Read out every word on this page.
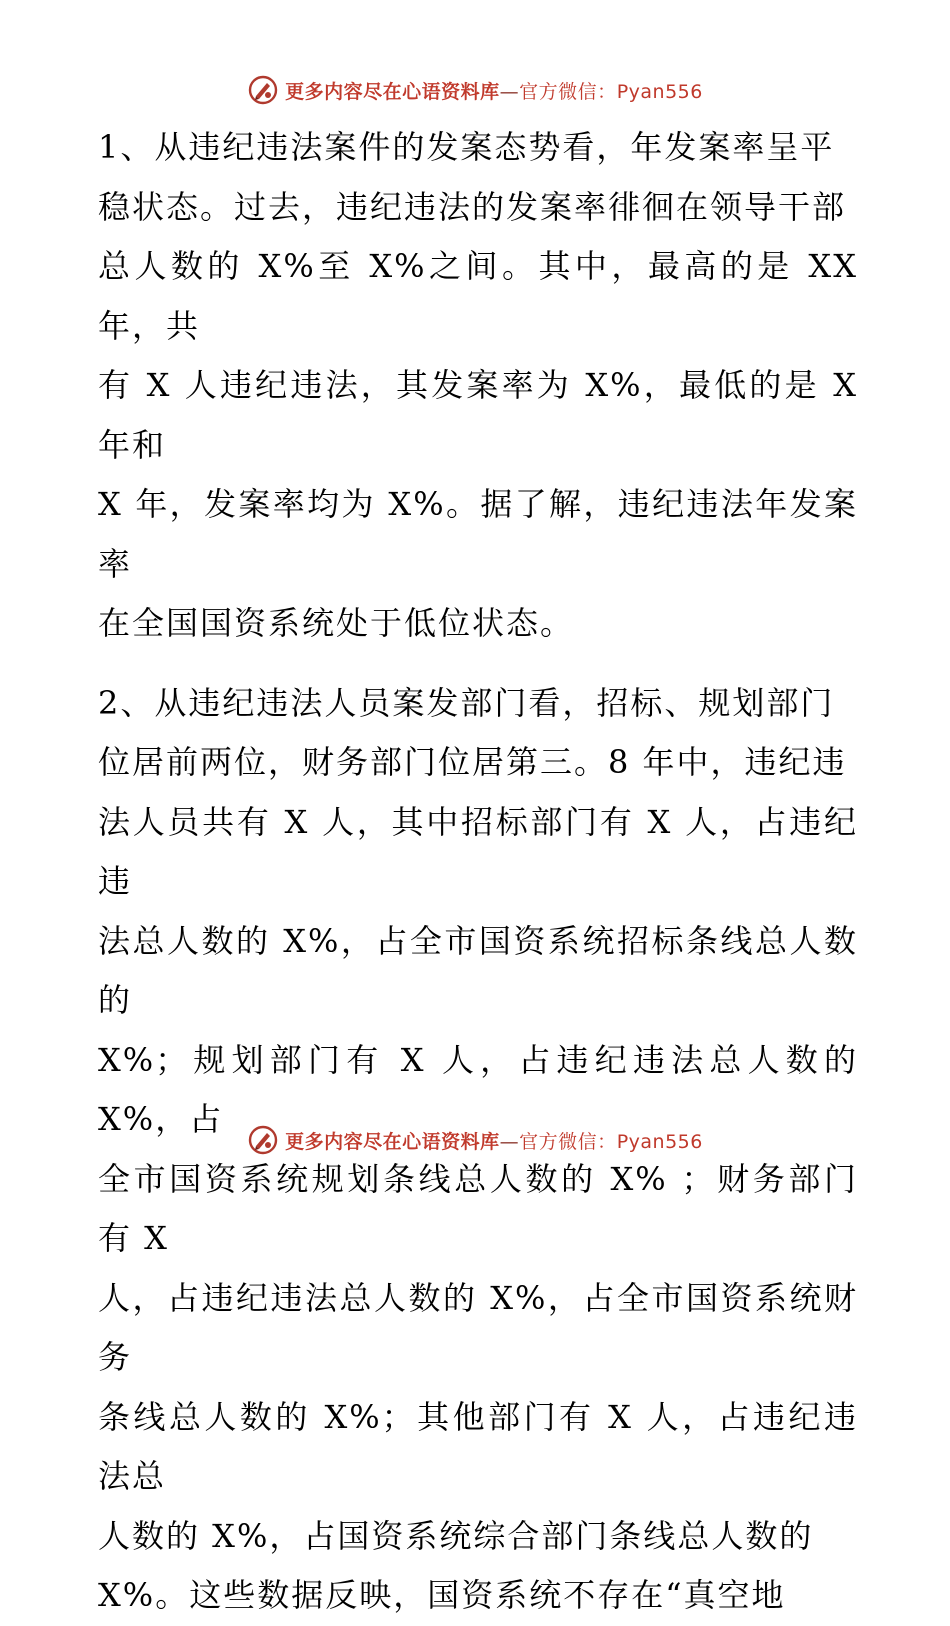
更多内容尽在心语资料库—官方微信：Pyan556

1、从违纪违法案件的发案态势看，年发案率呈平
稳状态。过去，违纪违法的发案率徘徊在领导干部
总人数的 X%至 X%之间。其中，最高的是 XX 年，共
有 X 人违纪违法，其发案率为 X%，最低的是 X 年和
X 年，发案率均为 X%。据了解，违纪违法年发案率
在全国国资系统处于低位状态。

2、从违纪违法人员案发部门看，招标、规划部门
位居前两位，财务部门位居第三。8 年中，违纪违
法人员共有 X 人，其中招标部门有 X 人，占违纪违
法总人数的 X%，占全市国资系统招标条线总人数的
X%；规划部门有 X 人，占违纪违法总人数的 X%，占
全市国资系统规划条线总人数的 X% ；财务部门有 X
人，占违纪违法总人数的 X%，占全市国资系统财务
条线总人数的 X%；其他部门有 X 人，占违纪违法总
人数的 X%，占国资系统综合部门条线总人数的
X%。这些数据反映，国资系统不存在“真空地

更多内容尽在心语资料库—官方微信：Pyan556
